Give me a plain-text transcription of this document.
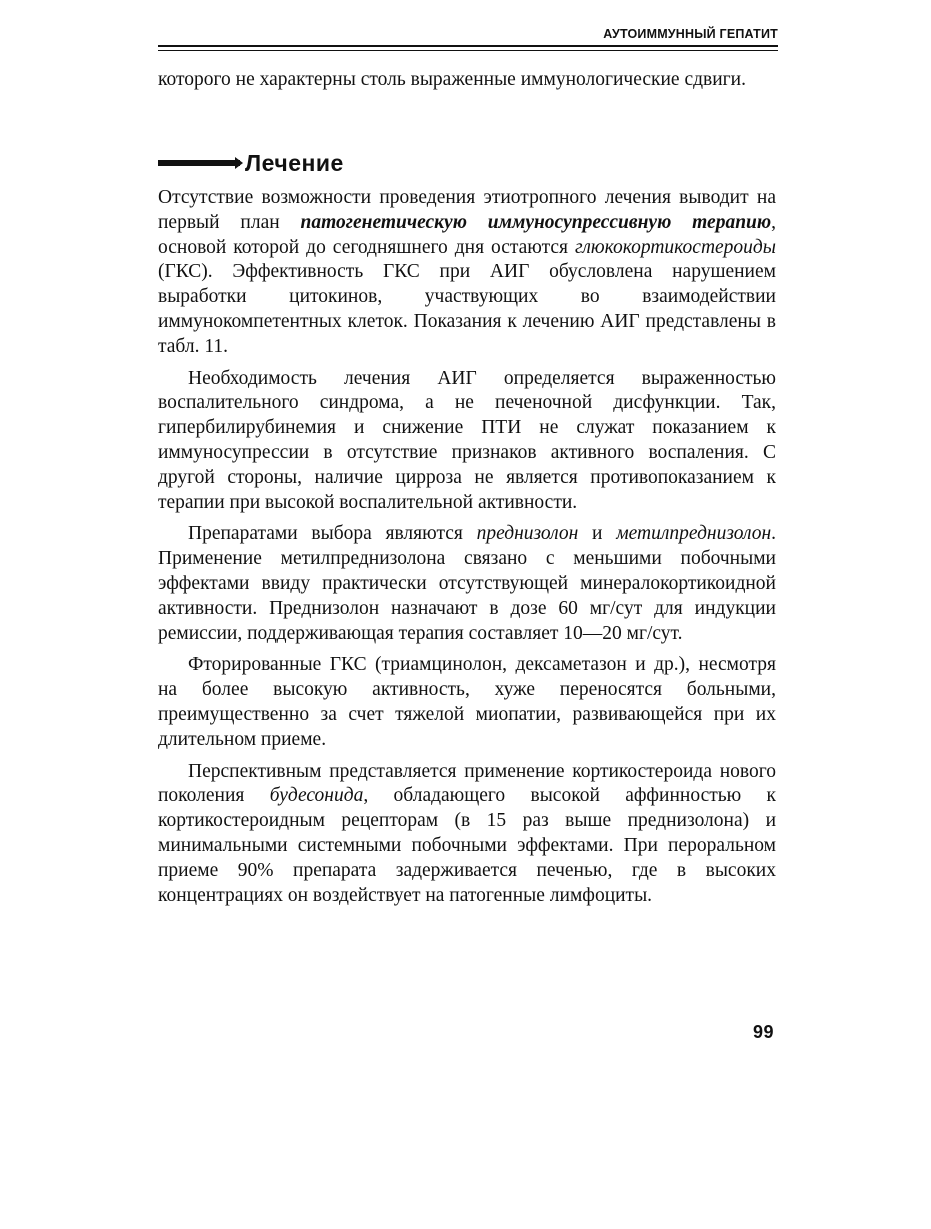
АУТОИММУННЫЙ ГЕПАТИТ

которого не характерны столь выраженные иммунологические сдвиги.

Лечение

Отсутствие возможности проведения этиотропного лечения выводит на первый план патогенетическую иммуносупрессивную терапию, основой которой до сегодняшнего дня остаются глюкокортикостероиды (ГКС). Эффективность ГКС при АИГ обусловлена нарушением выработки цитокинов, участвующих во взаимодействии иммунокомпетентных клеток. Показания к лечению АИГ представлены в табл. 11.

Необходимость лечения АИГ определяется выраженностью воспалительного синдрома, а не печеночной дисфункции. Так, гипербилирубинемия и снижение ПТИ не служат показанием к иммуносупрессии в отсутствие признаков активного воспаления. С другой стороны, наличие цирроза не является противопоказанием к терапии при высокой воспалительной активности.

Препаратами выбора являются преднизолон и метилпреднизолон. Применение метилпреднизолона связано с меньшими побочными эффектами ввиду практически отсутствующей минералокортикоидной активности. Преднизолон назначают в дозе 60 мг/сут для индукции ремиссии, поддерживающая терапия составляет 10—20 мг/сут.

Фторированные ГКС (триамцинолон, дексаметазон и др.), несмотря на более высокую активность, хуже переносятся больными, преимущественно за счет тяжелой миопатии, развивающейся при их длительном приеме.

Перспективным представляется применение кортикостероида нового поколения будесонида, обладающего высокой аффинностью к кортикостероидным рецепторам (в 15 раз выше преднизолона) и минимальными системными побочными эффектами. При пероральном приеме 90% препарата задерживается печенью, где в высоких концентрациях он воздействует на патогенные лимфоциты.

99
